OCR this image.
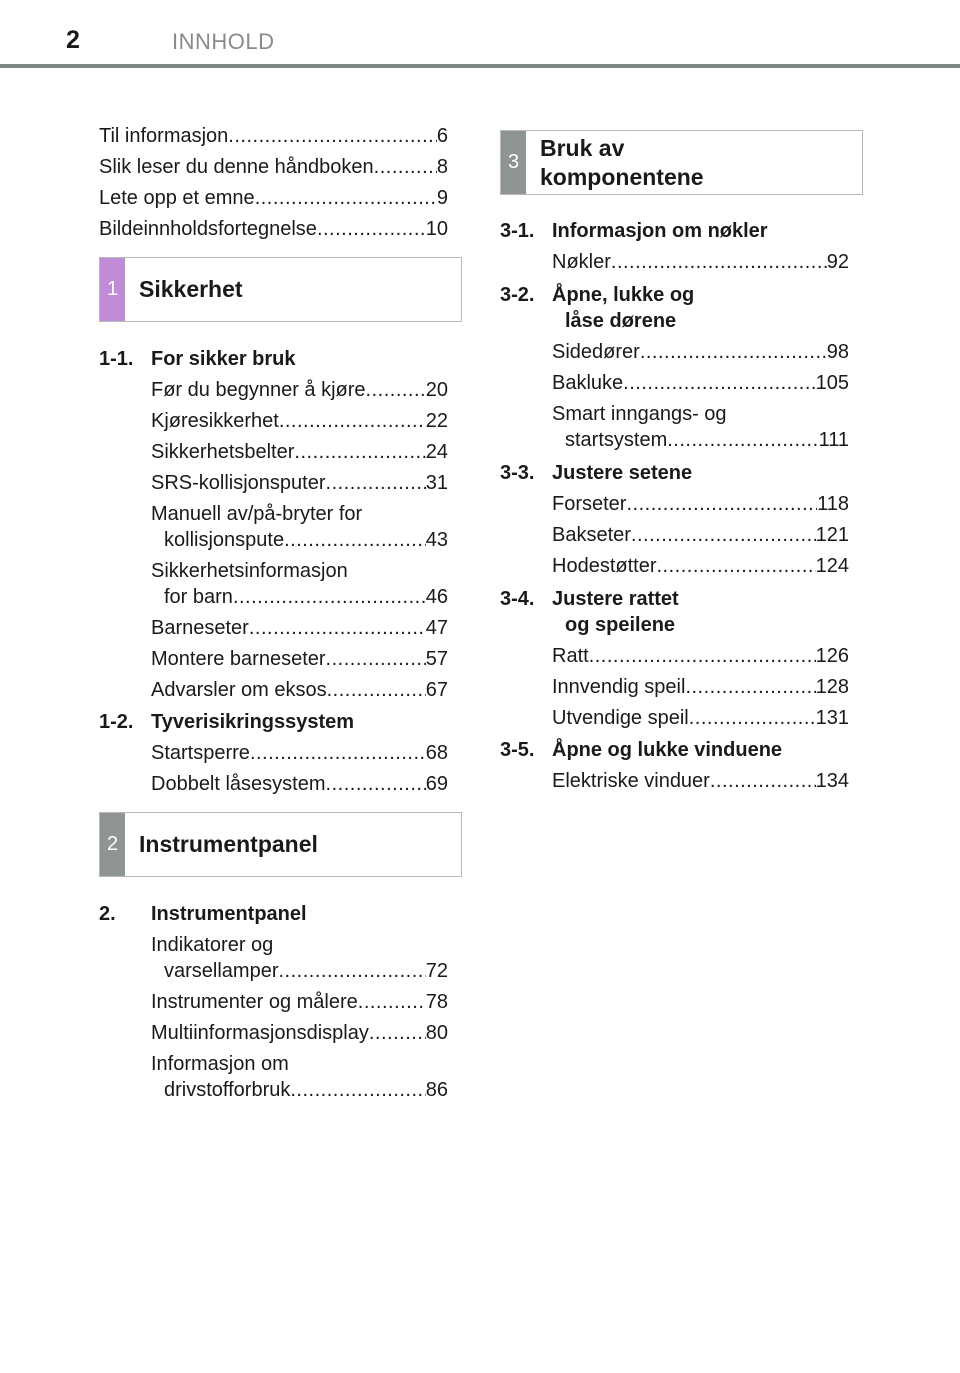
2	INNHOLD
Til informasjon .....	6
Slik leser du denne håndboken .....	8
Lete opp et emne .....	9
Bildeinnholdsfortegnelse .....	10
1 Sikkerhet
1-1. For sikker bruk
Før du begynner å kjøre .....	20
Kjøresikkerhet .....	22
Sikkerhetsbelter .....	24
SRS-kollisjonsputer .....	31
Manuell av/på-bryter for
kollisjonspute .....	43
Sikkerhetsinformasjon
for barn .....	46
Barneseter .....	47
Montere barneseter .....	57
Advarsler om eksos .....	67
1-2. Tyverisikringssystem
Startsperre .....	68
Dobbelt låsesystem .....	69
2 Instrumentpanel
2. Instrumentpanel
Indikatorer og
varsellamper .....	72
Instrumenter og målere .....	78
Multiinformasjonsdisplay .....	80
Informasjon om
drivstofforbruk .....	86
3
Bruk av
komponentene
3-1. Informasjon om nøkler
Nøkler .....	92
3-2. Åpne, lukke og
låse dørene
Sidedører .....	98
Bakluke .....	105
Smart inngangs- og
startsystem .....	111
3-3. Justere setene
Forseter .....	118
Bakseter .....	121
Hodestøtter .....	124
3-4. Justere rattet
og speilene
Ratt .....	126
Innvendig speil .....	128
Utvendige speil .....	131
3-5. Åpne og lukke vinduene
Elektriske vinduer .....	134
